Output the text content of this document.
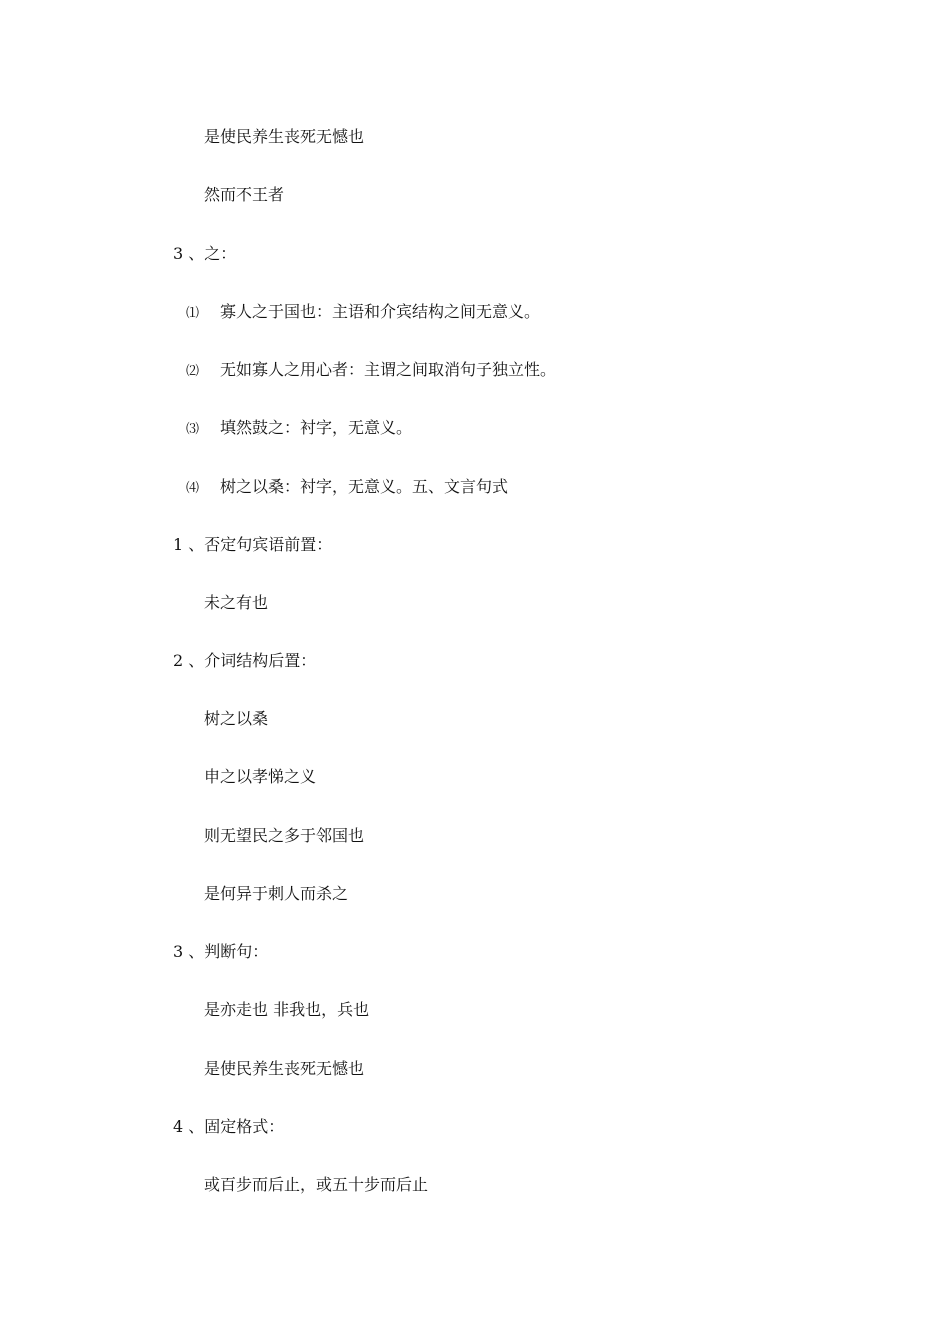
是使民养生丧死无憾也
然而不王者
3 、之：
⑴ 寡人之于国也：主语和介宾结构之间无意义。
⑵ 无如寡人之用心者：主谓之间取消句子独立性。
⑶ 填然鼓之：衬字，无意义。
⑷ 树之以桑：衬字，无意义。五、文言句式
1 、否定句宾语前置：
未之有也
2 、介词结构后置：
树之以桑
申之以孝悌之义
则无望民之多于邻国也
是何异于刺人而杀之
3 、判断句：
是亦走也 非我也，兵也
是使民养生丧死无憾也
4 、固定格式：
或百步而后止，或五十步而后止
